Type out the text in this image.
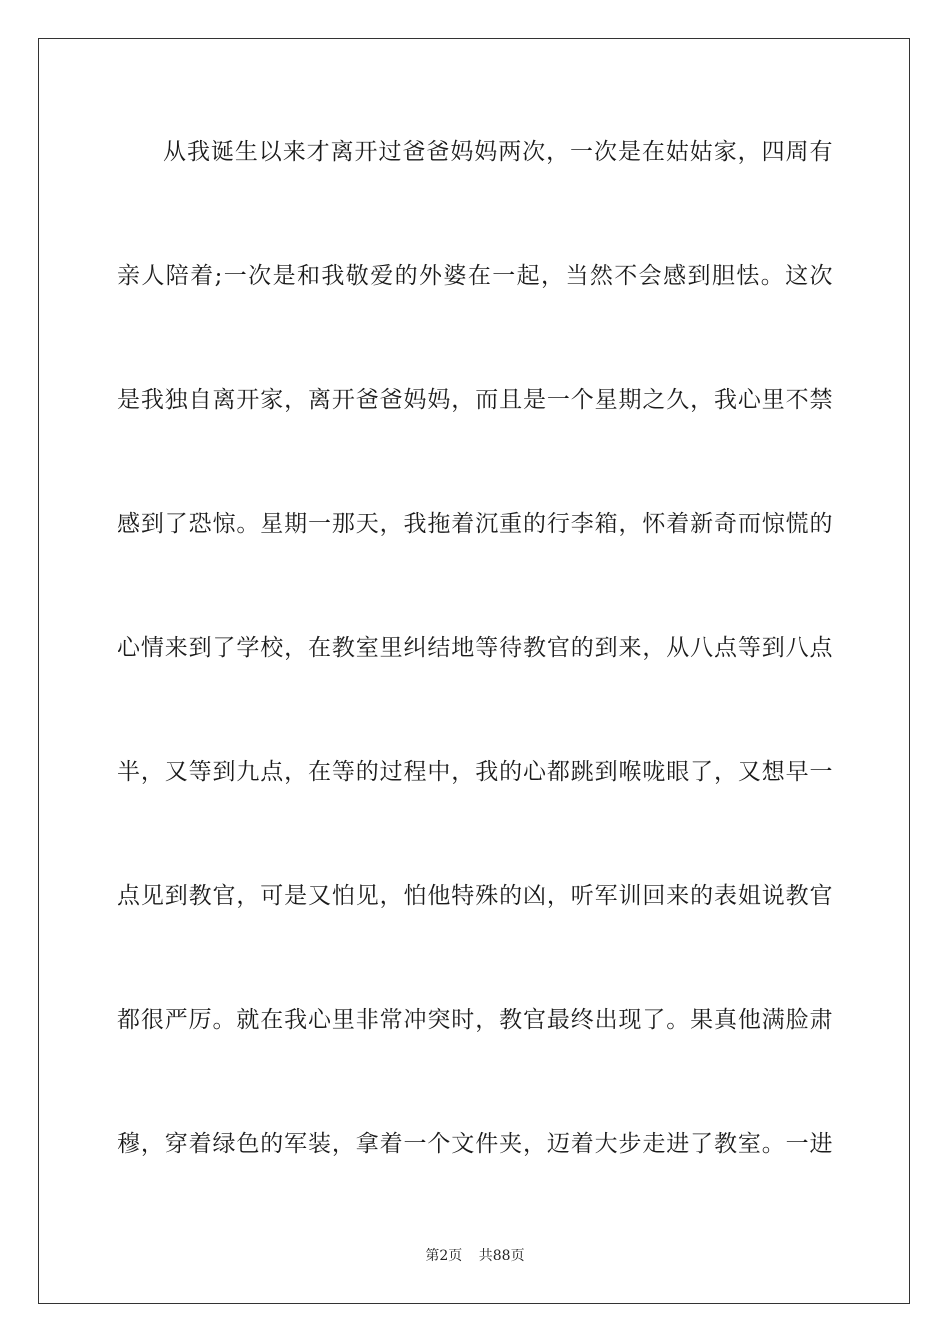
从我诞生以来才离开过爸爸妈妈两次，一次是在姑姑家，四周有
亲人陪着;一次是和我敬爱的外婆在一起，当然不会感到胆怯。这次
是我独自离开家，离开爸爸妈妈，而且是一个星期之久，我心里不禁
感到了恐惊。星期一那天，我拖着沉重的行李箱，怀着新奇而惊慌的
心情来到了学校，在教室里纠结地等待教官的到来，从八点等到八点
半，又等到九点，在等的过程中，我的心都跳到喉咙眼了，又想早一
点见到教官，可是又怕见，怕他特殊的凶，听军训回来的表姐说教官
都很严厉。就在我心里非常冲突时，教官最终出现了。果真他满脸肃
穆，穿着绿色的军装，拿着一个文件夹，迈着大步走进了教室。一进
第2页 共88页
